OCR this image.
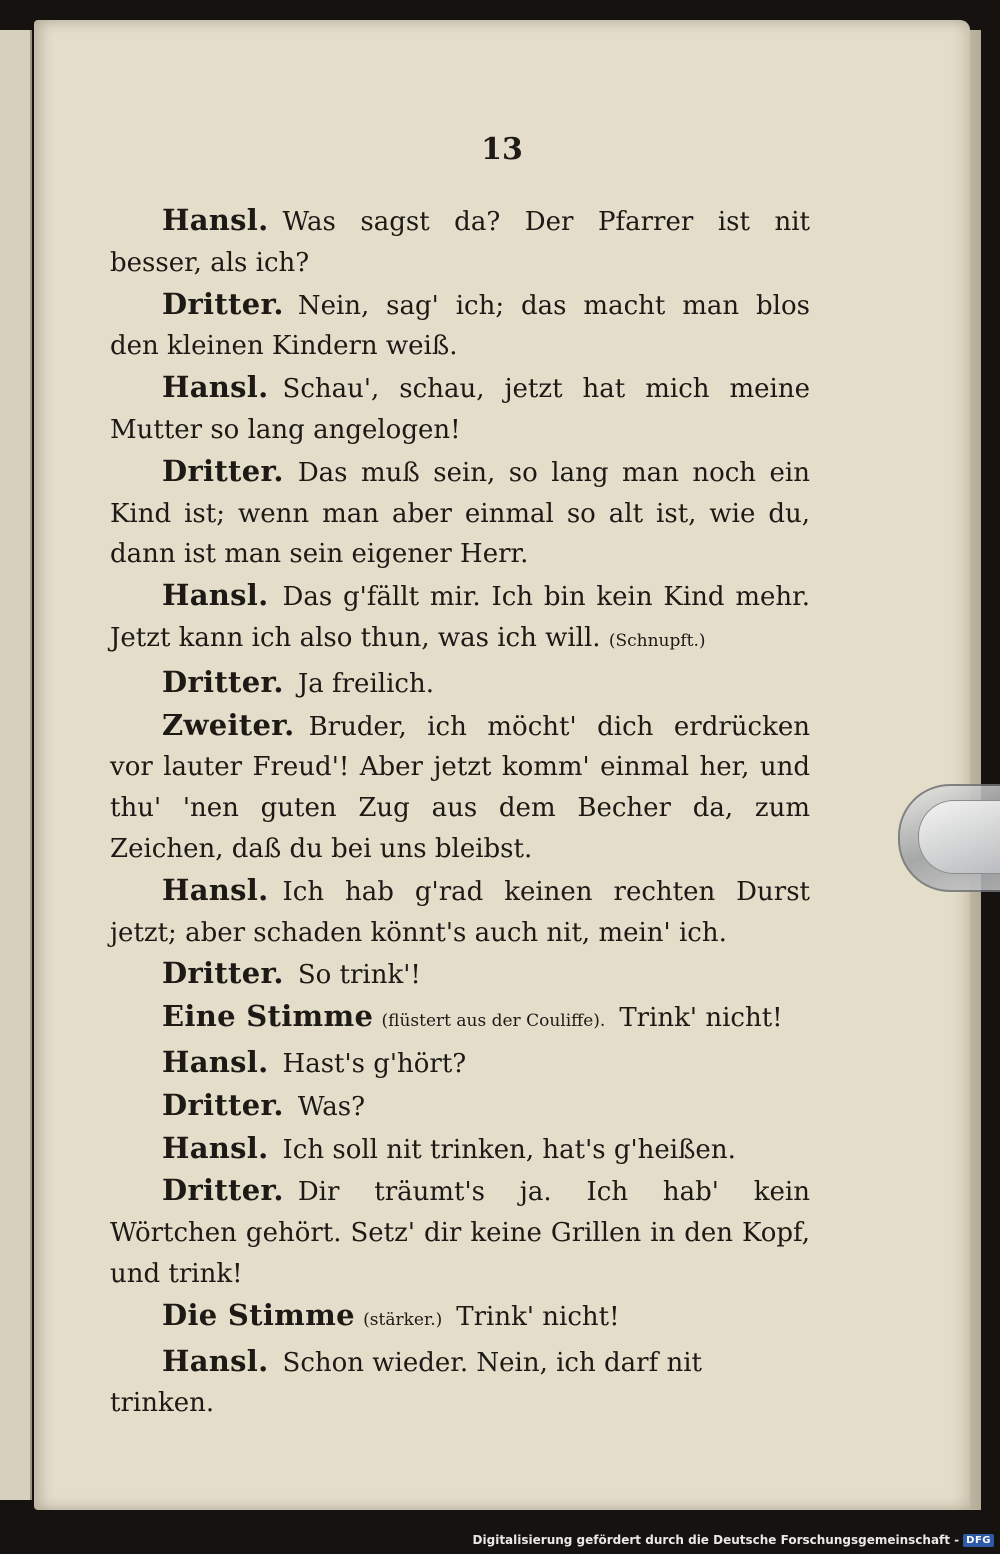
13

Hansl. Was sagst da? Der Pfarrer ist nit besser, als ich?

Dritter. Nein, sag' ich; das macht man blos den kleinen Kindern weiß.

Hansl. Schau', schau, jetzt hat mich meine Mutter so lang angelogen!

Dritter. Das muß sein, so lang man noch ein Kind ist; wenn man aber einmal so alt ist, wie du, dann ist man sein eigener Herr.

Hansl. Das g'fällt mir. Ich bin kein Kind mehr. Jetzt kann ich also thun, was ich will. (Schnupft.)

Dritter. Ja freilich.

Zweiter. Bruder, ich möcht' dich erdrücken vor lauter Freud'! Aber jetzt komm' einmal her, und thu' 'nen guten Zug aus dem Becher da, zum Zeichen, daß du bei uns bleibst.

Hansl. Ich hab g'rad keinen rechten Durst jetzt; aber schaden könnt's auch nit, mein' ich.

Dritter. So trink'!

Eine Stimme (flüstert aus der Couliffe). Trink' nicht!

Hansl. Hast's g'hört?

Dritter. Was?

Hansl. Ich soll nit trinken, hat's g'heißen.

Dritter. Dir träumt's ja. Ich hab' kein Wörtchen gehört. Setz' dir keine Grillen in den Kopf, und trink!

Die Stimme (stärker.) Trink' nicht!

Hansl. Schon wieder. Nein, ich darf nit trinken.

Digitalisierung gefördert durch die Deutsche Forschungsgemeinschaft - DFG
